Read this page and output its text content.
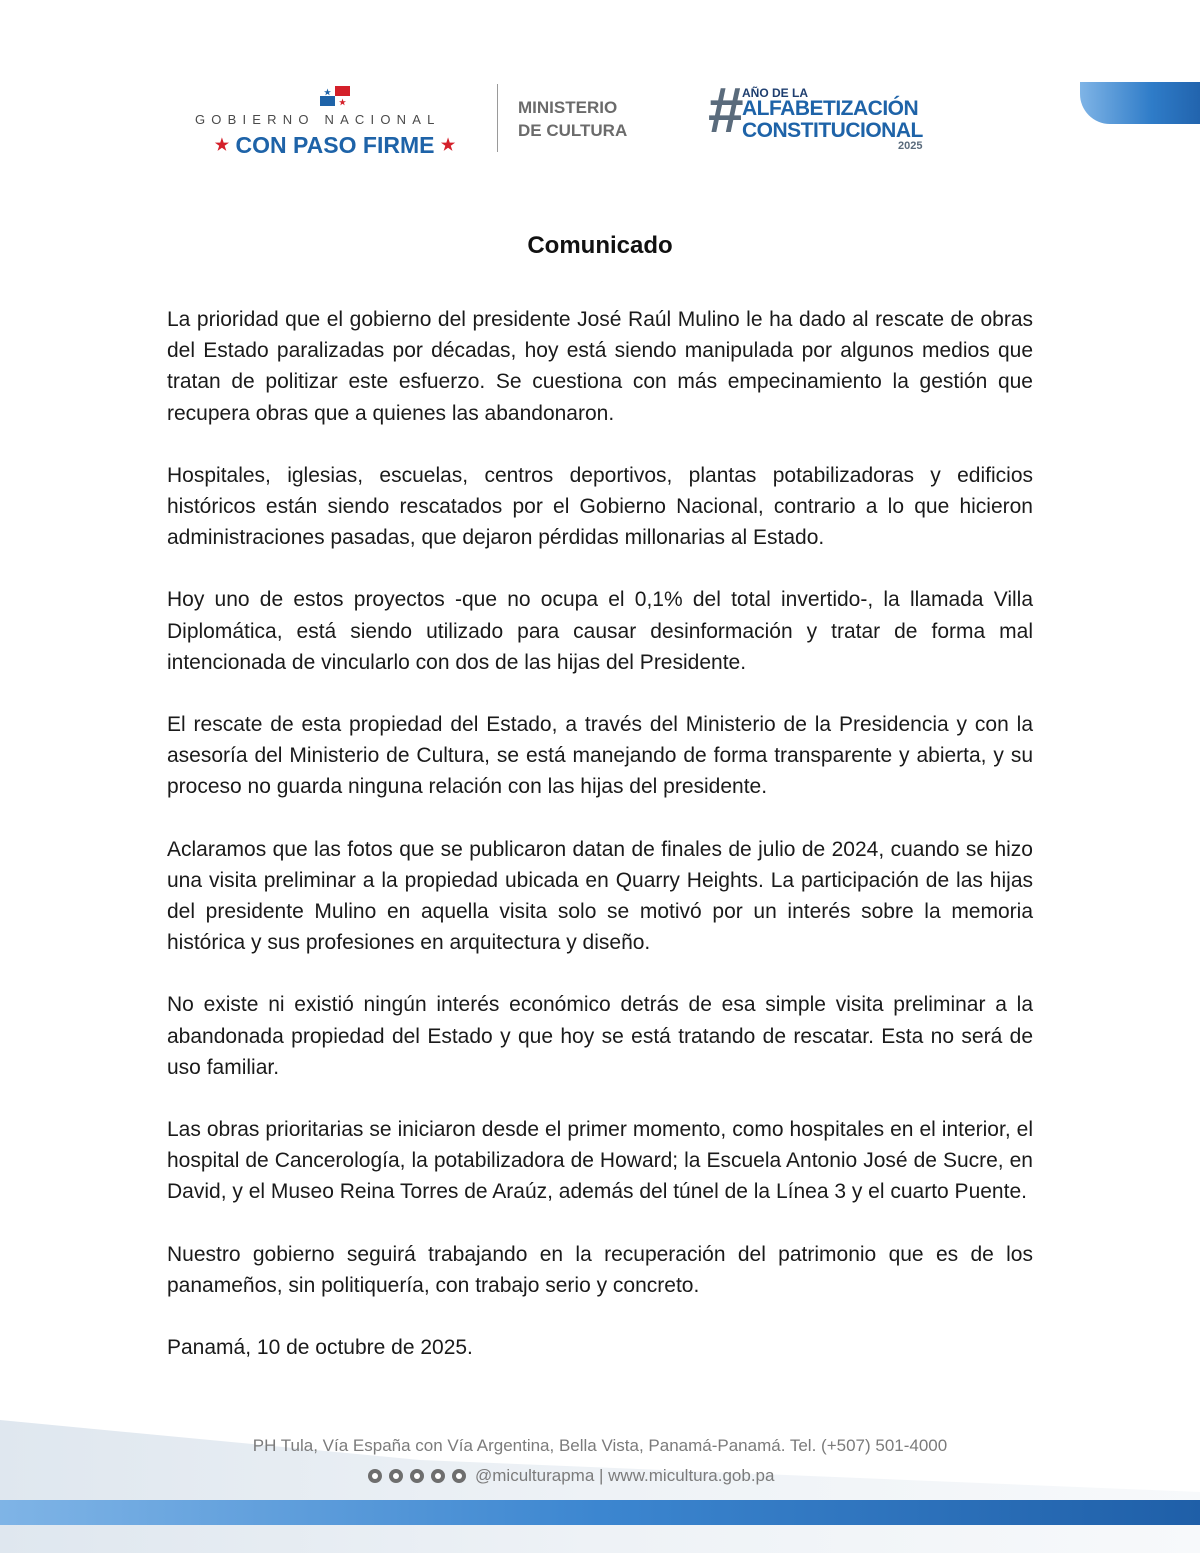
GOBIERNO NACIONAL
★ CON PASO FIRME ★
MINISTERIO
DE CULTURA	#
AÑO DE LA
ALFABETIZACIÓN
CONSTITUCIONAL
2025
Comunicado

La prioridad que el gobierno del presidente José Raúl Mulino le ha dado al rescate de obras del Estado paralizadas por décadas, hoy está siendo manipulada por algunos medios que tratan de politizar este esfuerzo. Se cuestiona con más empecinamiento la gestión que recupera obras que a quienes las abandonaron.

Hospitales, iglesias, escuelas, centros deportivos, plantas potabilizadoras y edificios históricos están siendo rescatados por el Gobierno Nacional, contrario a lo que hicieron administraciones pasadas, que dejaron pérdidas millonarias al Estado.

Hoy uno de estos proyectos -que no ocupa el 0,1% del total invertido-, la llamada Villa Diplomática, está siendo utilizado para causar desinformación y tratar de forma mal intencionada de vincularlo con dos de las hijas del Presidente.

El rescate de esta propiedad del Estado, a través del Ministerio de la Presidencia y con la asesoría del Ministerio de Cultura, se está manejando de forma transparente y abierta, y su proceso no guarda ninguna relación con las hijas del presidente.

Aclaramos que las fotos que se publicaron datan de finales de julio de 2024, cuando se hizo una visita preliminar a la propiedad ubicada en Quarry Heights. La participación de las hijas del presidente Mulino en aquella visita solo se motivó por un interés sobre la memoria histórica y sus profesiones en arquitectura y diseño.

No existe ni existió ningún interés económico detrás de esa simple visita preliminar a la abandonada propiedad del Estado y que hoy se está tratando de rescatar. Esta no será de uso familiar.

Las obras prioritarias se iniciaron desde el primer momento, como hospitales en el interior, el hospital de Cancerología, la potabilizadora de Howard; la Escuela Antonio José de Sucre, en David, y el Museo Reina Torres de Araúz, además del túnel de la Línea 3 y el cuarto Puente.

Nuestro gobierno seguirá trabajando en la recuperación del patrimonio que es de los panameños, sin politiquería, con trabajo serio y concreto.

Panamá, 10 de octubre de 2025.

PH Tula, Vía España con Vía Argentina, Bella Vista, Panamá-Panamá. Tel. (+507) 501-4000
@miculturapma | www.micultura.gob.pa
